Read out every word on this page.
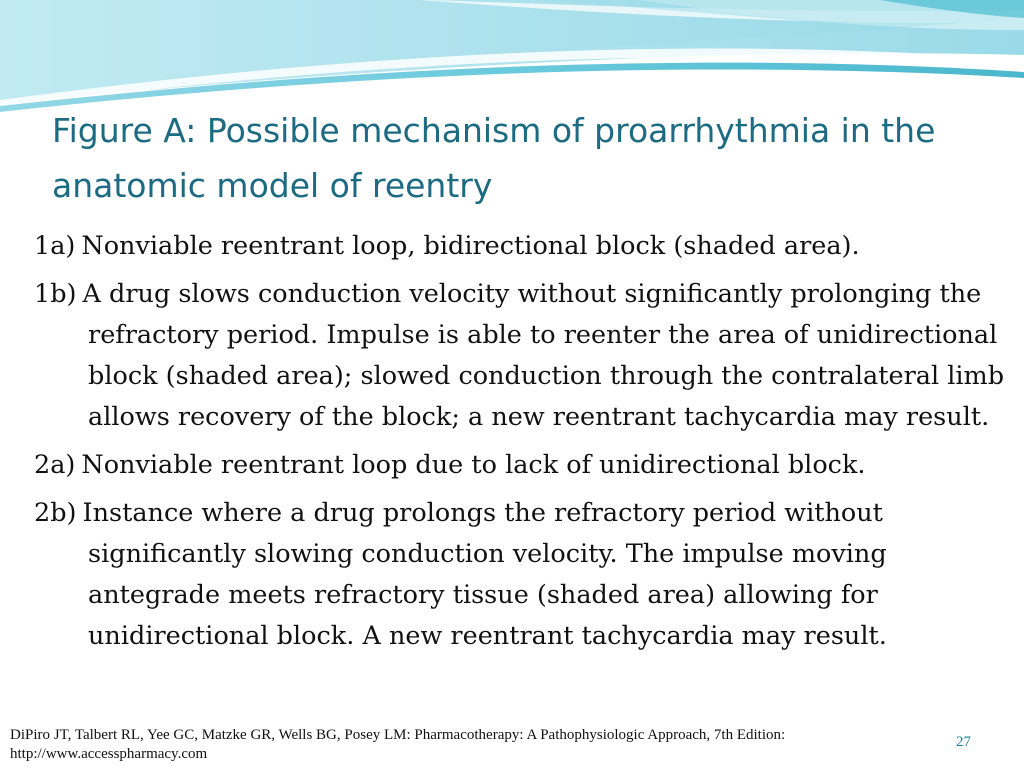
Figure A: Possible mechanism of proarrhythmia in the anatomic model of reentry

1a) Nonviable reentrant loop, bidirectional block (shaded area).

1b) A drug slows conduction velocity without significantly prolonging the refractory period. Impulse is able to reenter the area of unidirectional block (shaded area); slowed conduction through the contralateral limb allows recovery of the block; a new reentrant tachycardia may result.

2a) Nonviable reentrant loop due to lack of unidirectional block.

2b) Instance where a drug prolongs the refractory period without significantly slowing conduction velocity. The impulse moving antegrade meets refractory tissue (shaded area) allowing for unidirectional block. A new reentrant tachycardia may result.

DiPiro JT, Talbert RL, Yee GC, Matzke GR, Wells BG, Posey LM: Pharmacotherapy: A Pathophysiologic Approach, 7th Edition:
http://www.accesspharmacy.com
27
